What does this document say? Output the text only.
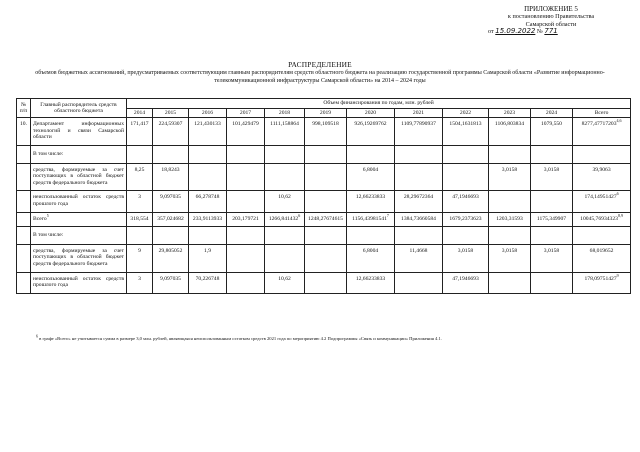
ПРИЛОЖЕНИЕ 5
к постановлению Правительства
Самарской области
от 15.09.2022 № 771
РАСПРЕДЕЛЕНИЕ
объемов бюджетных ассигнований, предусматриваемых соответствующим главным распорядителям средств областного бюджета на реализацию государственной программы Самарской области «Развитие информационно-телекоммуникационной инфраструктуры Самарской области» на 2014 – 2024 годы
№ п/п	Главный распорядитель средств областного бюджета	Объем финансирования по годам, млн. рублей											
		2014	2015	2016	2017	2018	2019	2020	2021	2022	2023	2024	Всего
10.	Департамент информационных технологий и связи Самарской области	171,417	224,59307	121,430133	101,429479	1111,158864	998,109518	926,19269762	1109,77890937	1504,1631813	1106,803834	1079,550	8277,47717203$^{4,6}$
	В том числе:												
	средства, формируемые за счет поступающих в областной бюджет средств федерального бюджета	8,25	18,8243					6,8004			3,0158	3,0158	39,9063
	неиспользованный остаток средств прошлого года	3	9,097035	66,278748		10,62		12,66233833	28,29672364	47,1946693			174,14951427$^6$
	Всего$^5$	318,554	357,024682	233,9113933	203,179721	1266,841432$^6$	1248,27674615	1156,43981541$^7$	1384,73660584	1679,2373623	1203,31593	1175,349907	10045,76934323$^{8,9}$
	В том числе:												
	средства, формируемые за счет поступающих в областной бюджет средств федерального бюджета	9	29,805052	1,9				6,8004	11,4668	3,0158	3,0158	3,0158	68,019652
	неиспользованный остаток средств прошлого года	3	9,097035	70,226748		10,62		12,66233833		47,1946693			178,09751427$^9$
$^6$ в графе «Всего» не учитывается сумма в размере 3,0 млн. рублей, являющаяся неиспользованным остатком средств 2021 года по мероприятию 4.2 Подпрограммы «Связь и коммуникации» Приложения 4.1.
